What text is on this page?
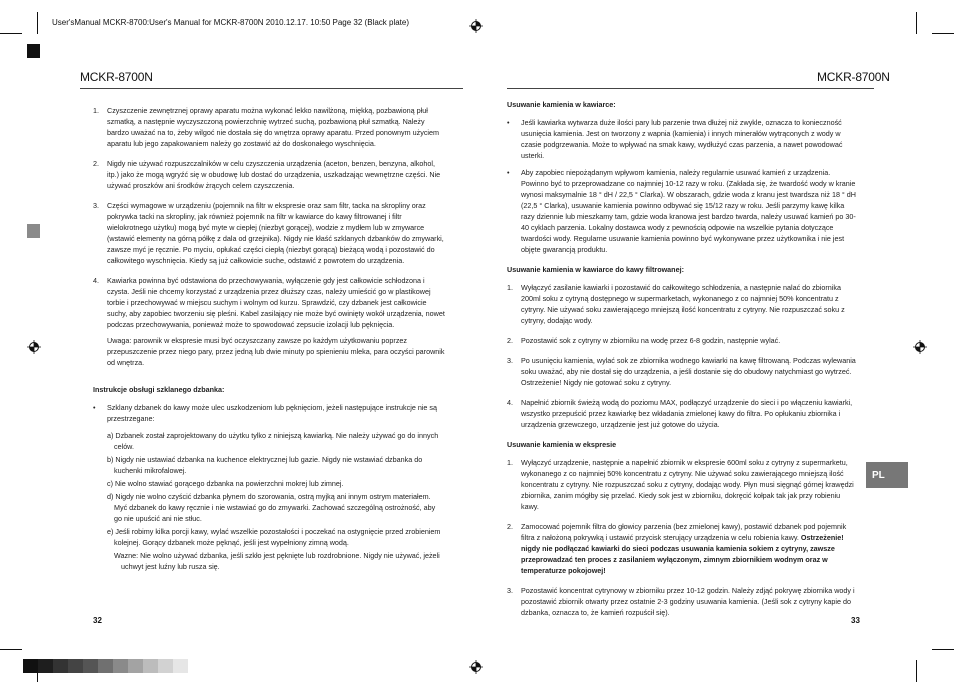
User'sManual MCKR-8700:User's Manual for MCKR-8700N 2010.12.17. 10:50 Page 32 (Black plate)
MCKR-8700N
1. Czyszczenie zewnętrznej oprawy aparatu można wykonać lekko nawilżoną, miękką, pozbawioną płuł szmatką, a następnie wyczyszczoną powierzchnię wytrzeć suchą, pozbawioną płuł szmatką. Należy bardzo uważać na to, żeby wilgoć nie dostała się do wnętrza oprawy aparatu. Przed ponownym użyciem aparatu lub jego zapakowaniem należy go zostawić aż do doskonałego wyschnięcia.

2. Nigdy nie używać rozpuszczalników w celu czyszczenia urządzenia (aceton, benzen, benzyna, alkohol, itp.) jako że mogą wgryźć się w obudowę lub dostać do urządzenia, uszkadzając wewnętrzne części. Nie używać proszków ani środków żrących celem czyszczenia.

3. Części wymagowe w urządzeniu (pojemnik na filtr w ekspresie oraz sam filtr, tacka na skropliny oraz pokrywka tacki na skropliny, jak również pojemnik na filtr w kawiarce do kawy filtrowanej i filtr wielokrotnego użytku) mogą być myte w ciepłej (niezbyt gorącej), wodzie z mydłem lub w zmywarce (wstawić elementy na górną półkę z dala od grzejnika). Nigdy nie kłaść szklanych dzbanków do zmywarki, zawsze myć je ręcznie. Po myciu, opłukać części ciepłą (niezbyt gorącą) bieżącą wodą i pozostawić do całkowitego wyschnięcia. Kiedy są już całkowicie suche, odstawić z powrotem do urządzenia.

4. Kawiarka powinna być odstawiona do przechowywania, wyłączenie gdy jest całkowicie schłodzona i czysta. Jeśli nie chcemy korzystać z urządzenia przez dłuższy czas, należy umieścić go w plastikowej torbie i przechowywać w miejscu suchym i wolnym od kurzu. Sprawdzić, czy dzbanek jest całkowicie suchy, aby zapobiec tworzeniu się pleśni. Kabel zasilający nie może być owinięty wokół urządzenia, nowet podczas przechowywania, ponieważ może to spowodować zepsucie izolacji lub pęknięcia.

Uwaga: parownik w ekspresie musi być oczyszczany zawsze po każdym użytkowaniu poprzez przepuszczenie przez niego pary, przez jedną lub dwie minuty po spienieniu mleka, para oczyści parownik od wnętrza.
Instrukcje obsługi szklanego dzbanka:
• Szklany dzbanek do kawy może ulec uszkodzeniom lub pęknięciom, jeżeli następujące instrukcje nie są przestrzegane:

a) Dzbanek został zaprojektowany do użytku tylko z niniejszą kawiarką. Nie należy używać go do innych celów.
b) Nigdy nie ustawiać dzbanka na kuchence elektrycznej lub gazie. Nigdy nie wstawiać dzbanka do kuchenki mikrofalowej.
c) Nie wolno stawiać gorącego dzbanka na powierzchni mokrej lub zimnej.
d) Nigdy nie wolno czyścić dzbanka płynem do szorowania, ostrą myjką ani innym ostrym materiałem. Myć dzbanek do kawy ręcznie i nie wstawiać go do zmywarki. Zachować szczególną ostrożność, aby go nie upuścić ani nie stłuc.
e) Jeśli robimy kilka porcji kawy, wylać wszelkie pozostałości i poczekać na ostygnięcie przed zrobieniem kolejnej. Gorący dzbanek może pęknąć, jeśli jest wypełniony zimną wodą.
Wazne: Nie wolno używać dzbanka, jeśli szkło jest pęknięte lub rozdrobnione. Nigdy nie używać, jeżeli uchwyt jest luźny lub rusza się.
32
MCKR-8700N
Usuwanie kamienia w kawiarce:
• Jeśli kawiarka wytwarza duże ilości pary lub parzenie trwa dłużej niż zwykle, oznacza to konieczność usunięcia kamienia. Jest on tworzony z wapnia (kamienia) i innych minerałów wytrąconych z wody w czasie podgrzewania. Może to wpływać na smak kawy, wydłużyć czas parzenia, a nawet powodować usterki.

• Aby zapobiec niepożądanym wpływom kamienia, należy regularnie usuwać kamień z urządzenia. Powinno być to przeprowadzane co najmniej 10-12 razy w roku. (Zakłada się, że twardość wody w kranie wynosi maksymalnie 18 ° dH / 22,5 ° Clarka). W obszarach, gdzie woda z kranu jest twardsza niż 18 ° dH (22,5 ° Clarka), usuwanie kamienia powinno odbywać się 15/12 razy w roku. Jeśli parzymy kawę kilka razy dziennie lub mieszkamy tam, gdzie woda kranowa jest bardzo twarda, należy usuwać kamień po 30-40 cyklach parzenia. Lokalny dostawca wody z pewnością odpowie na wszelkie pytania dotyczące twardości wody. Regularne usuwanie kamienia powinno być wykonywane przez użytkownika i nie jest objęte gwarancją produktu.

Usuwanie kamienia w kawiarce do kawy filtrowanej:
1. Wyłączyć zasilanie kawiarki i pozostawić do całkowitego schłodzenia, a następnie nalać do zbiornika 200ml soku z cytryną dostępnego w supermarketach, wykonanego z co najmniej 50% koncentratu z cytryny. Nie używać soku zawierającego mniejszą ilość koncentratu z cytryny. Nie rozpuszczać soku z cytryny, dodając wody.

2. Pozostawić sok z cytryny w zbiorniku na wodę przez 6-8 godzin, następnie wylać.

3. Po usunięciu kamienia, wylać sok ze zbiornika wodnego kawiarki na kawę filtrowaną. Podczas wylewania soku uważać, aby nie dostał się do urządzenia, a jeśli dostanie się do obudowy natychmiast go wytrzeć. Ostrzeżenie! Nigdy nie gotować soku z cytryny.

4. Napełnić zbiornik świeżą wodą do poziomu MAX, podłączyć urządzenie do sieci i po włączeniu kawiarki, wszystko przepuścić przez kawiarkę bez wkładania zmielonej kawy do filtra. Po opłukaniu zbiornika i urządzenia grzewczego, urządzenie jest już gotowe do użycia.

Usuwanie kamienia w ekspresie
1. Wyłączyć urządzenie, następnie a napełnić zbiornik w ekspresie 600ml soku z cytryny z supermarketu, wykonanego z co najmniej 50% koncentratu z cytryny. Nie używać soku zawierającego mniejszą ilość koncentratu z cytryny. Nie rozpuszczać soku z cytryny, dodając wody. Płyn musi sięgnąć górnej krawędzi zbiornika, zanim mógłby się przelać. Kiedy sok jest w zbiorniku, dokręcić kołpak tak jak przy robieniu kawy.

2. Zamocować pojemnik filtra do głowicy parzenia (bez zmielonej kawy), postawić dzbanek pod pojemnik filtra z nałożoną pokrywką i ustawić przycisk sterujący urządzenia w celu robienia kawy. Ostrzeżenie! nigdy nie podłączać kawiarki do sieci podczas usuwania kamienia sokiem z cytryny, zawsze przeprowadzać ten proces z zasilaniem wyłączonym, zimnym zbiornikiem wodnym oraz w temperaturze pokojowej!

3. Pozostawić koncentrat cytrynowy w zbiorniku przez 10-12 godzin. Należy zdjąć pokrywę zbiornika wody i pozostawić zbiornik otwarty przez ostatnie 2-3 godziny usuwania kamienia. (Jeśli sok z cytryny kapie do dzbanka, oznacza to, że kamień rozpuścił się).

PL
33
